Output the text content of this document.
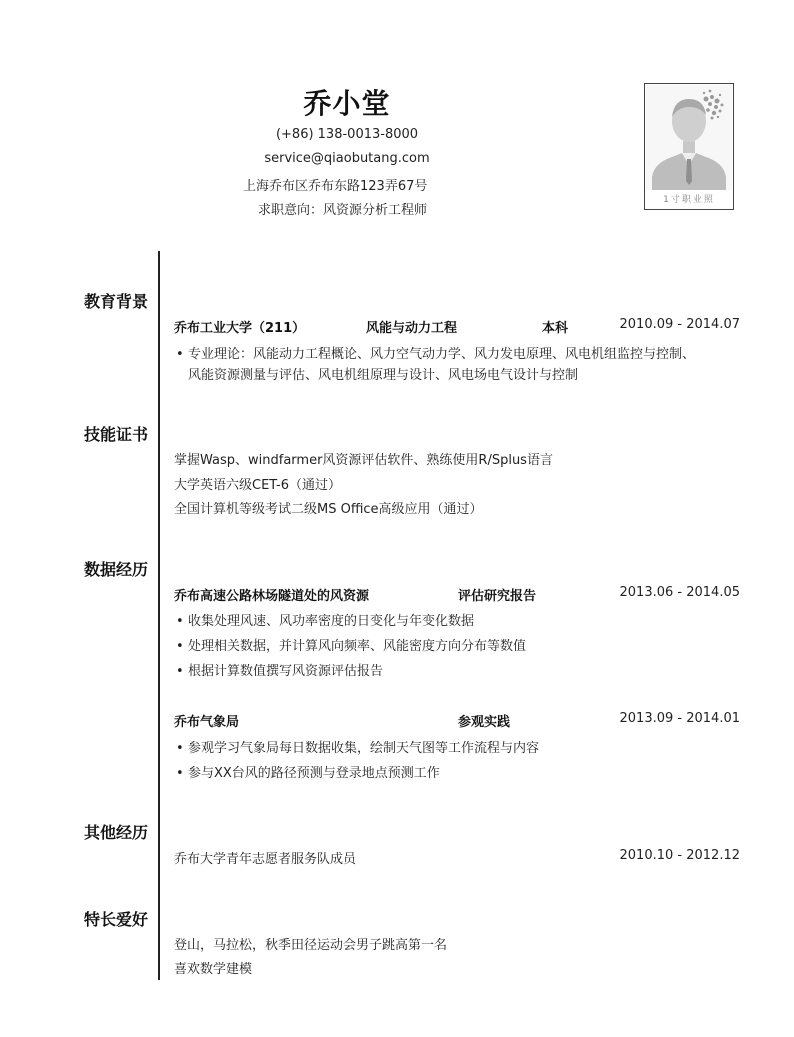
乔小堂
(+86) 138-0013-8000
service@qiaobutang.com
上海乔布区乔布东路123弄67号
求职意向：风资源分析工程师
1寸职业照
教育背景
乔布工业大学（211）	风能与动力工程	本科	2010.09 - 2014.07
• 专业理论：风能动力工程概论、风力空气动力学、风力发电原理、风电机组监控与控制、
风能资源测量与评估、风电机组原理与设计、风电场电气设计与控制
技能证书
掌握Wasp、windfarmer风资源评估软件、熟练使用R/Splus语言
大学英语六级CET-6（通过）
全国计算机等级考试二级MS Office高级应用（通过）
数据经历
乔布高速公路林场隧道处的风资源	评估研究报告	2013.06 - 2014.05
• 收集处理风速、风功率密度的日变化与年变化数据
• 处理相关数据，并计算风向频率、风能密度方向分布等数值
• 根据计算数值撰写风资源评估报告
乔布气象局	参观实践	2013.09 - 2014.01
• 参观学习气象局每日数据收集，绘制天气图等工作流程与内容
• 参与XX台风的路径预测与登录地点预测工作
其他经历
乔布大学青年志愿者服务队成员	2010.10 - 2012.12
特长爱好
登山，马拉松，秋季田径运动会男子跳高第一名
喜欢数学建模
